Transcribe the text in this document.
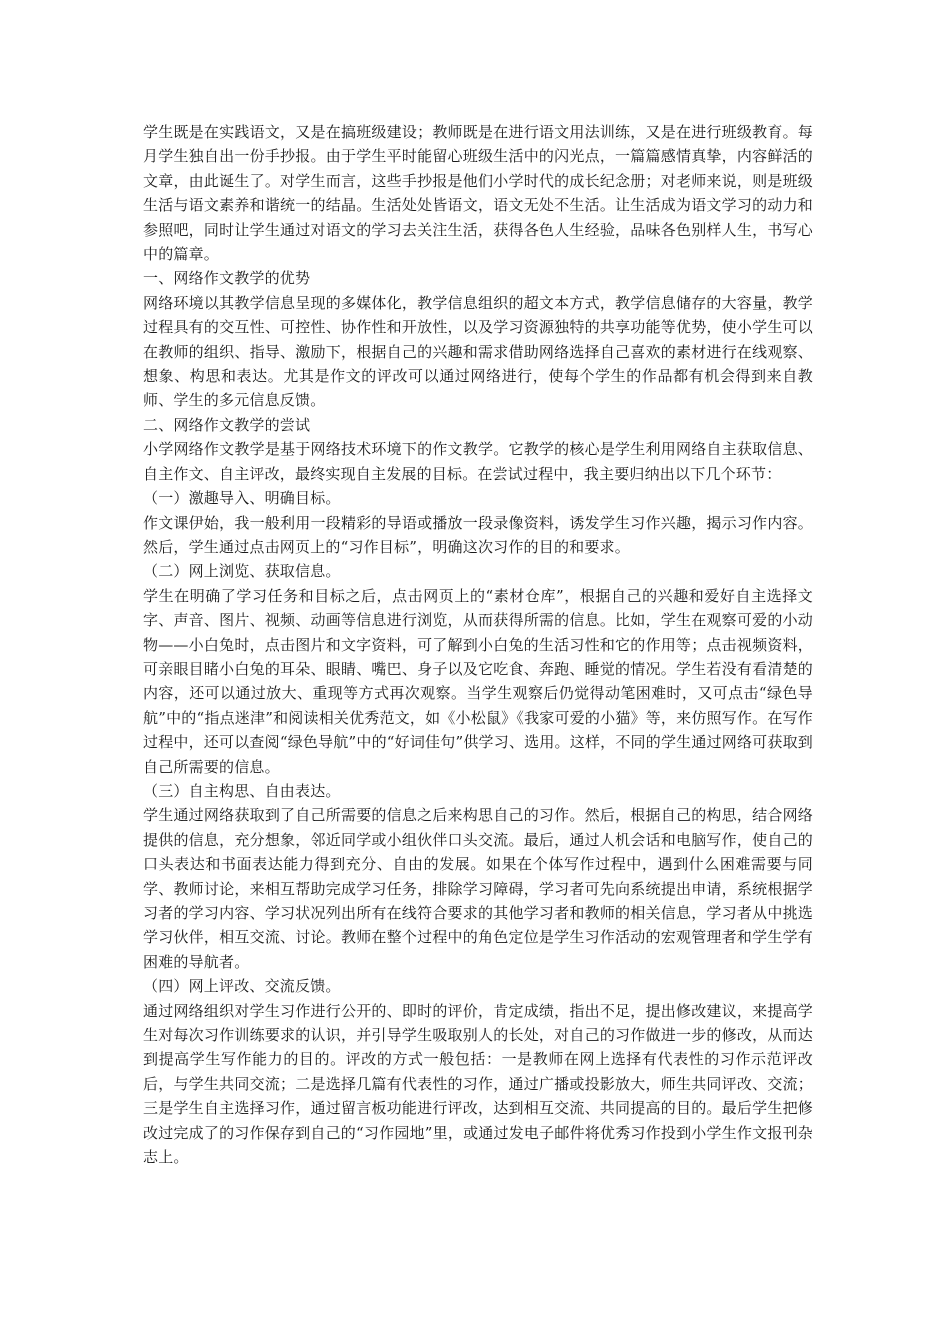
学生既是在实践语文，又是在搞班级建设；教师既是在进行语文用法训练，又是在进行班级教育。每月学生独自出一份手抄报。由于学生平时能留心班级生活中的闪光点，一篇篇感情真挚，内容鲜活的文章，由此诞生了。对学生而言，这些手抄报是他们小学时代的成长纪念册；对老师来说，则是班级生活与语文素养和谐统一的结晶。生活处处皆语文，语文无处不生活。让生活成为语文学习的动力和参照吧，同时让学生通过对语文的学习去关注生活，获得各色人生经验，品味各色别样人生，书写心中的篇章。

一、网络作文教学的优势

网络环境以其教学信息呈现的多媒体化，教学信息组织的超文本方式，教学信息储存的大容量，教学过程具有的交互性、可控性、协作性和开放性，以及学习资源独特的共享功能等优势，使小学生可以在教师的组织、指导、激励下，根据自己的兴趣和需求借助网络选择自己喜欢的素材进行在线观察、想象、构思和表达。尤其是作文的评改可以通过网络进行，使每个学生的作品都有机会得到来自教师、学生的多元信息反馈。

二、网络作文教学的尝试

小学网络作文教学是基于网络技术环境下的作文教学。它教学的核心是学生利用网络自主获取信息、自主作文、自主评改，最终实现自主发展的目标。在尝试过程中，我主要归纳出以下几个环节：

（一）激趣导入、明确目标。

作文课伊始，我一般利用一段精彩的导语或播放一段录像资料，诱发学生习作兴趣，揭示习作内容。然后，学生通过点击网页上的“习作目标”，明确这次习作的目的和要求。

（二）网上浏览、获取信息。

学生在明确了学习任务和目标之后，点击网页上的“素材仓库”，根据自己的兴趣和爱好自主选择文字、声音、图片、视频、动画等信息进行浏览，从而获得所需的信息。比如，学生在观察可爱的小动物——小白兔时，点击图片和文字资料，可了解到小白兔的生活习性和它的作用等；点击视频资料，可亲眼目睹小白兔的耳朵、眼睛、嘴巴、身子以及它吃食、奔跑、睡觉的情况。学生若没有看清楚的内容，还可以通过放大、重现等方式再次观察。当学生观察后仍觉得动笔困难时，又可点击“绿色导航”中的“指点迷津”和阅读相关优秀范文，如《小松鼠》《我家可爱的小猫》等，来仿照写作。在写作过程中，还可以查阅“绿色导航”中的“好词佳句”供学习、选用。这样，不同的学生通过网络可获取到自己所需要的信息。

（三）自主构思、自由表达。

学生通过网络获取到了自己所需要的信息之后来构思自己的习作。然后，根据自己的构思，结合网络提供的信息，充分想象，邻近同学或小组伙伴口头交流。最后，通过人机会话和电脑写作，使自己的口头表达和书面表达能力得到充分、自由的发展。如果在个体写作过程中，遇到什么困难需要与同学、教师讨论，来相互帮助完成学习任务，排除学习障碍，学习者可先向系统提出申请，系统根据学习者的学习内容、学习状况列出所有在线符合要求的其他学习者和教师的相关信息，学习者从中挑选学习伙伴，相互交流、讨论。教师在整个过程中的角色定位是学生习作活动的宏观管理者和学生学有困难的导航者。

（四）网上评改、交流反馈。

通过网络组织对学生习作进行公开的、即时的评价，肯定成绩，指出不足，提出修改建议，来提高学生对每次习作训练要求的认识，并引导学生吸取别人的长处，对自己的习作做进一步的修改，从而达到提高学生写作能力的目的。评改的方式一般包括：一是教师在网上选择有代表性的习作示范评改后，与学生共同交流；二是选择几篇有代表性的习作，通过广播或投影放大，师生共同评改、交流；三是学生自主选择习作，通过留言板功能进行评改，达到相互交流、共同提高的目的。最后学生把修改过完成了的习作保存到自己的“习作园地”里，或通过发电子邮件将优秀习作投到小学生作文报刊杂志上。
